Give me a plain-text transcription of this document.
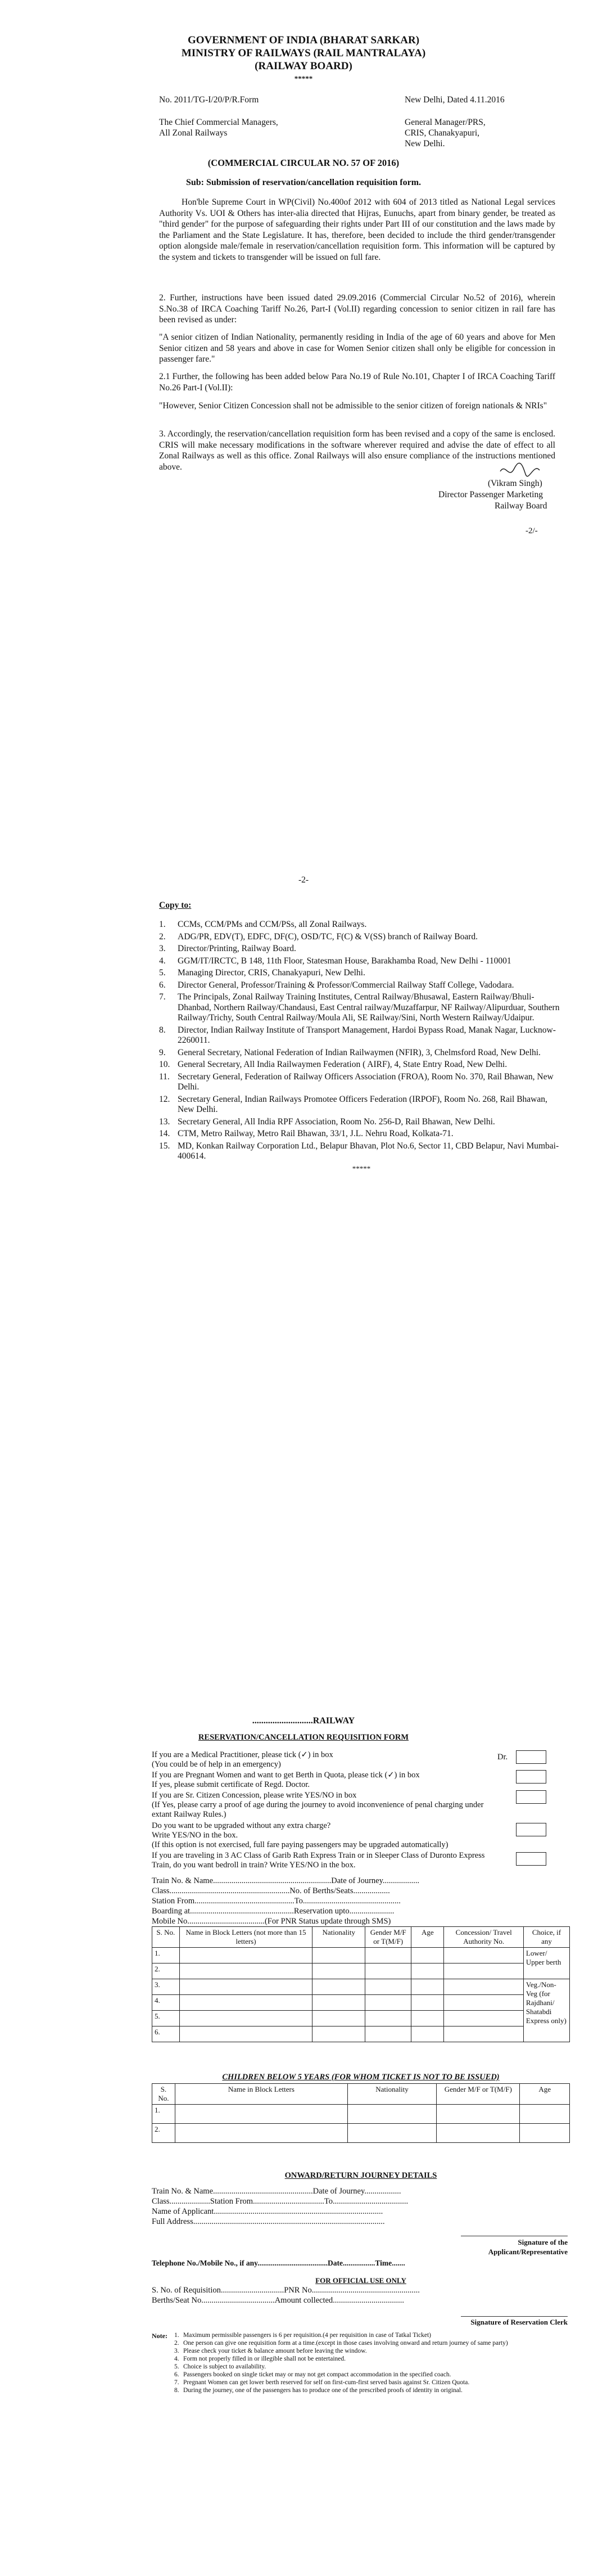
GOVERNMENT OF INDIA (BHARAT SARKAR)
MINISTRY OF RAILWAYS (RAIL MANTRALAYA)
(RAILWAY BOARD)
*****
No. 2011/TG-I/20/P/R.Form	New Delhi, Dated 4.11.2016
The Chief Commercial Managers,
All Zonal Railways
General Manager/PRS,
CRIS, Chanakyapuri,
New Delhi.
(COMMERCIAL CIRCULAR NO. 57 OF 2016)
Sub: Submission of reservation/cancellation requisition form.
Hon'ble Supreme Court in WP(Civil) No.400of 2012 with 604 of 2013 titled as National Legal services Authority Vs. UOI & Others has inter-alia directed that Hijras, Eunuchs, apart from binary gender, be treated as "third gender" for the purpose of safeguarding their rights under Part III of our constitution and the laws made by the Parliament and the State Legislature. It has, therefore, been decided to include the third gender/transgender option alongside male/female in reservation/cancellation requisition form. This information will be captured by the system and tickets to transgender will be issued on full fare.
2. Further, instructions have been issued dated 29.09.2016 (Commercial Circular No.52 of 2016), wherein S.No.38 of IRCA Coaching Tariff No.26, Part-I (Vol.II) regarding concession to senior citizen in rail fare has been revised as under:
"A senior citizen of Indian Nationality, permanently residing in India of the age of 60 years and above for Men Senior citizen and 58 years and above in case for Women Senior citizen shall only be eligible for concession in passenger fare."
2.1 Further, the following has been added below Para No.19 of Rule No.101, Chapter I of IRCA Coaching Tariff No.26 Part-I (Vol.II):
"However, Senior Citizen Concession shall not be admissible to the senior citizen of foreign nationals & NRIs"
3. Accordingly, the reservation/cancellation requisition form has been revised and a copy of the same is enclosed. CRIS will make necessary modifications in the software wherever required and advise the date of effect to all Zonal Railways as well as this office. Zonal Railways will also ensure compliance of the instructions mentioned above.
(Vikram Singh)
Director Passenger Marketing
Railway Board
-2/-
-2-
Copy to:
1.	CCMs, CCM/PMs and CCM/PSs, all Zonal Railways.
2.	ADG/PR, EDV(T), EDFC, DF(C), OSD/TC, F(C) & V(SS) branch of Railway Board.
3.	Director/Printing, Railway Board.
4.	GGM/IT/IRCTC, B 148, 11th Floor, Statesman House, Barakhamba Road, New Delhi - 110001
5.	Managing Director, CRIS, Chanakyapuri, New Delhi.
6.	Director General, Professor/Training & Professor/Commercial Railway Staff College, Vadodara.
7.	The Principals, Zonal Railway Training Institutes, Central Railway/Bhusawal, Eastern Railway/Bhuli-Dhanbad, Northern Railway/Chandausi, East Central railway/Muzaffarpur, NF Railway/Alipurduar, Southern Railway/Trichy, South Central Railway/Moula Ali, SE Railway/Sini, North Western Railway/Udaipur.
8.	Director, Indian Railway Institute of Transport Management, Hardoi Bypass Road, Manak Nagar, Lucknow-2260011.
9.	General Secretary, National Federation of Indian Railwaymen (NFIR), 3, Chelmsford Road, New Delhi.
10. General Secretary, All India Railwaymen Federation ( AIRF), 4, State Entry Road, New Delhi.
11. Secretary General, Federation of Railway Officers Association (FROA), Room No. 370, Rail Bhawan, New Delhi.
12. Secretary General, Indian Railways Promotee Officers Federation (IRPOF), Room No. 268, Rail Bhawan, New Delhi.
13. Secretary General, All India RPF Association, Room No. 256-D, Rail Bhawan, New Delhi.
14. CTM, Metro Railway, Metro Rail Bhawan, 33/1, J.L. Nehru Road, Kolkata-71.
15. MD, Konkan Railway Corporation Ltd., Belapur Bhavan, Plot No.6, Sector 11, CBD Belapur, Navi Mumbai-400614.
*****
...........................RAILWAY
RESERVATION/CANCELLATION REQUISITION FORM
If you are a Medical Practitioner, please tick (✓) in box
(You could be of help in an emergency)
Dr.
If you are Pregnant Women and want to get Berth in Quota, please tick (✓) in box
If yes, please submit certificate of Regd. Doctor.
If you are Sr. Citizen Concession, please write YES/NO in box
(If Yes, please carry a proof of age during the journey to avoid inconvenience of penal charging under extant Railway Rules.)
Do you want to be upgraded without any extra charge?
Write YES/NO in the box.
(If this option is not exercised, full fare paying passengers may be upgraded automatically)
If you are traveling in 3 AC Class of Garib Rath Express Train or in Sleeper Class of Duronto Express Train, do you want bedroll in train? Write YES/NO in the box.
Train No. & Name..........................................................Date of Journey..................
Class...........................................................No. of Berths/Seats..................
Station From.................................................To................................................
Boarding at...................................................Reservation upto......................
Mobile No......................................(For PNR Status update through SMS)
S. No.	Name in Block Letters (not more than 15 letters)	Nationality	Gender M/F or T(M/F)	Age	Concession/ Travel Authority No.	Choice, if any
1.						Lower/ Upper berth
2.						
3.						Veg./Non-Veg (for Rajdhani/ Shatabdi Express only)
4.						
5.						
6.						
CHILDREN BELOW 5 YEARS (FOR WHOM TICKET IS NOT TO BE ISSUED)
S. No.	Name in Block Letters	Nationality	Gender M/F or T(M/F)	Age
1.				
2.				
ONWARD/RETURN JOURNEY DETAILS
Train No. & Name.................................................Date of Journey..................
Class....................Station From...................................To.....................................
Name of Applicant...................................................................................
Full Address..............................................................................................
Signature of the Applicant/Representative
Telephone No./Mobile No., if any.....................................Date.................Time.......
FOR OFFICIAL USE ONLY
S. No. of Requisition...............................PNR No.....................................................
Berths/Seat No....................................Amount collected...................................
Signature of Reservation Clerk
Note: 1. Maximum permissible passengers is 6 per requisition.(4 per requisition in case of Tatkal Ticket)
2. One person can give one requisition form at a time.(except in those cases involving onward and return journey of same party)
3. Please check your ticket & balance amount before leaving the window.
4. Form not properly filled in or illegible shall not be entertained.
5. Choice is subject to availability.
6. Passengers booked on single ticket may or may not get compact accommodation in the specified coach.
7. Pregnant Women can get lower berth reserved for self on first-cum-first served basis against Sr. Citizen Quota.
8. During the journey, one of the passengers has to produce one of the prescribed proofs of identity in original.
